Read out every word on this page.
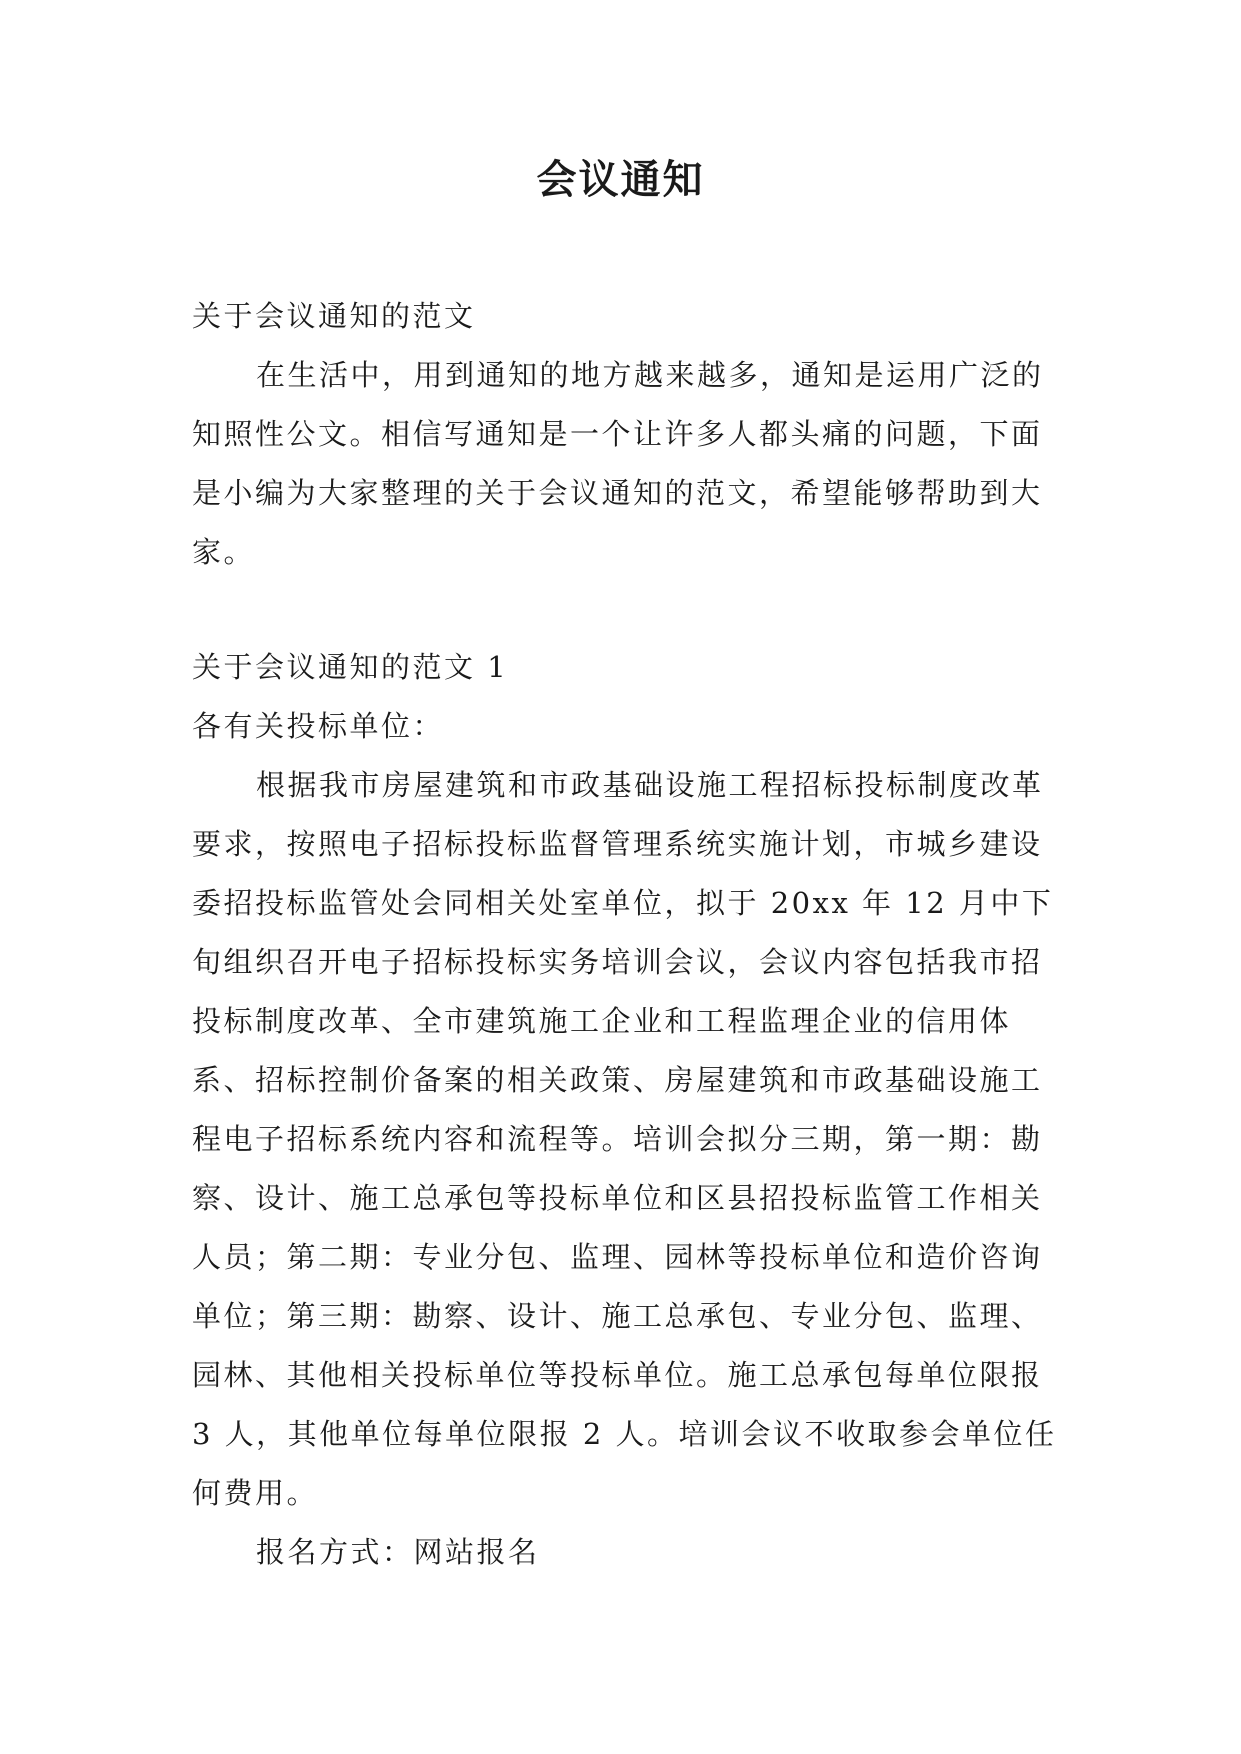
会议通知

关于会议通知的范文

在生活中，用到通知的地方越来越多，通知是运用广泛的知照性公文。相信写通知是一个让许多人都头痛的问题，下面是小编为大家整理的关于会议通知的范文，希望能够帮助到大家。

关于会议通知的范文 1

各有关投标单位：

根据我市房屋建筑和市政基础设施工程招标投标制度改革要求，按照电子招标投标监督管理系统实施计划，市城乡建设委招投标监管处会同相关处室单位，拟于 20xx 年 12 月中下旬组织召开电子招标投标实务培训会议，会议内容包括我市招投标制度改革、全市建筑施工企业和工程监理企业的信用体系、招标控制价备案的相关政策、房屋建筑和市政基础设施工程电子招标系统内容和流程等。培训会拟分三期，第一期：勘察、设计、施工总承包等投标单位和区县招投标监管工作相关人员；第二期：专业分包、监理、园林等投标单位和造价咨询单位；第三期：勘察、设计、施工总承包、专业分包、监理、园林、其他相关投标单位等投标单位。施工总承包每单位限报 3 人，其他单位每单位限报 2 人。培训会议不收取参会单位任何费用。

报名方式：网站报名
